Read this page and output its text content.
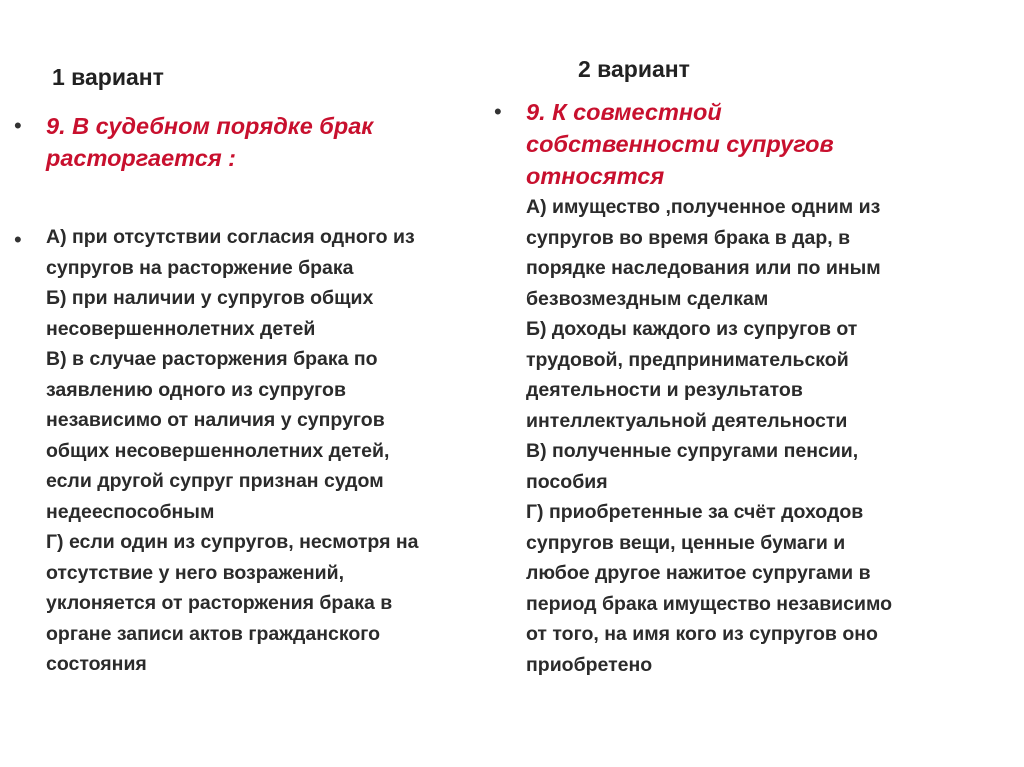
1 вариант	2 вариант
•	9. В судебном порядке брак
расторгается :
•	А) при отсутствии согласия одного из
супругов на расторжение брака
Б) при наличии у супругов общих
несовершеннолетних детей
В) в случае расторжения брака по
заявлению одного из супругов
независимо от наличия у супругов
общих несовершеннолетних детей,
если другой супруг признан судом
недееспособным
Г) если один из супругов, несмотря на
отсутствие у него возражений,
уклоняется от расторжения брака в
органе записи актов гражданского
состояния
•	9. К совместной
собственности супругов
относятся
А) имущество ,полученное одним из
супругов во время брака в дар, в
порядке наследования или по иным
безвозмездным сделкам
Б) доходы каждого из супругов от
трудовой, предпринимательской
деятельности и результатов
интеллектуальной деятельности
В) полученные супругами пенсии,
пособия
Г) приобретенные за счёт доходов
супругов вещи, ценные бумаги и
любое другое нажитое супругами в
период брака имущество независимо
от того, на имя кого из супругов оно
приобретено
